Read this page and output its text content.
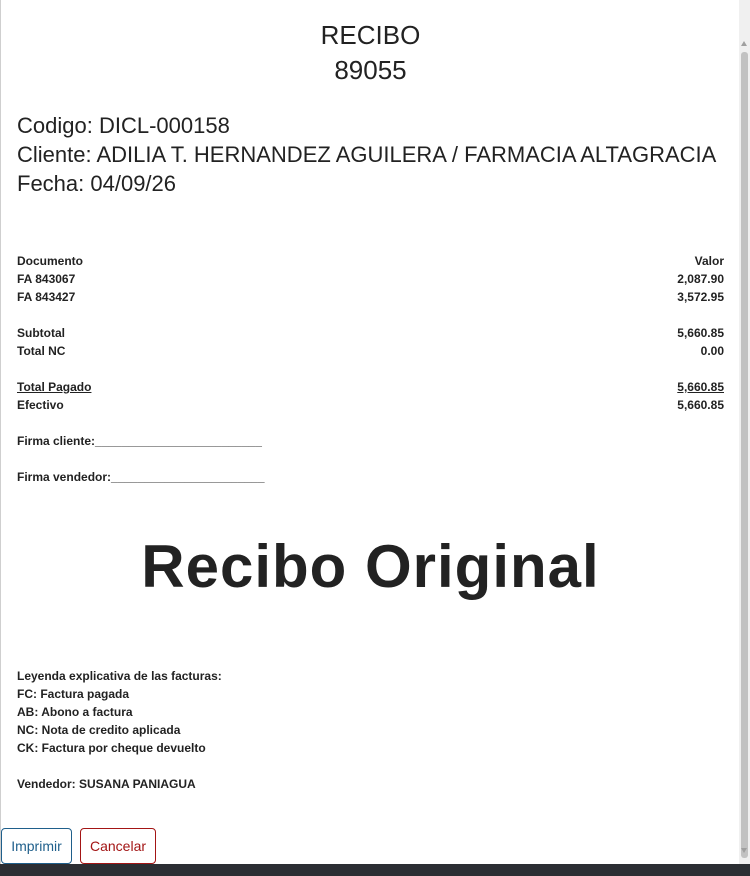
RECIBO
89055
Codigo: DICL-000158
Cliente: ADILIA T. HERNANDEZ AGUILERA / FARMACIA ALTAGRACIA
Fecha: 04/09/26
Documento	Valor
FA 843067	2,087.90
FA 843427	3,572.95
Subtotal	5,660.85
Total NC	0.00
Total Pagado	5,660.85
Efectivo	5,660.85
Firma cliente:_________________________
Firma vendedor:_______________________
Recibo Original
Leyenda explicativa de las facturas:
FC: Factura pagada
AB: Abono a factura
NC: Nota de credito aplicada
CK: Factura por cheque devuelto
Vendedor: SUSANA PANIAGUA
Imprimir	Cancelar
